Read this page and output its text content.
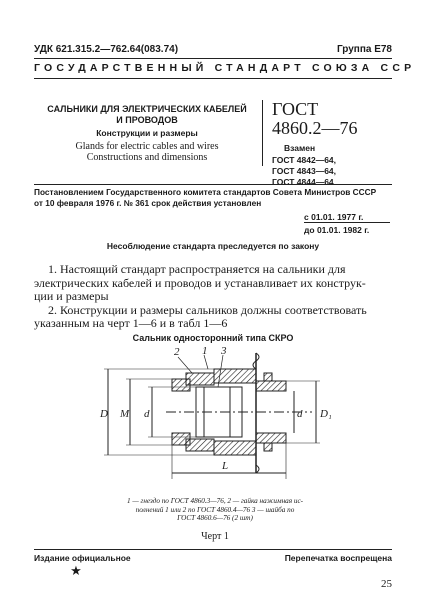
УДК 621.315.2—762.64(083.74)	Группа Е78
ГОСУДАРСТВЕННЫЙ СТАНДАРТ СОЮЗА ССР
САЛЬНИКИ ДЛЯ ЭЛЕКТРИЧЕСКИХ КАБЕЛЕЙ
И ПРОВОДОВ
Конструкции и размеры
Glands for electric cables and wires
Constructions and dimensions
ГОСТ
4860.2—76
Взамен
ГОСТ 4842—64,
ГОСТ 4843—64,
ГОСТ 4844—64
Постановлением Государственного комитета стандартов Совета Министров СССР
от 10 февраля 1976 г. № 361 срок действия установлен
с 01.01. 1977 г.
до 01.01. 1982 г.
Несоблюдение стандарта преследуется по закону
1. Настоящий стандарт распространяется на сальники для
электрических кабелей и проводов и устанавливает их конструк-
ции и размеры
2. Конструкции и размеры сальников должны соответствовать
указанным на черт 1—6 и в табл 1—6
Сальник односторонний типа СКРО
D M d	d D₁
L
2 1 3
1 — гнездо по ГОСТ 4860.3—76, 2 — гайка нажимная ис-
полнений 1 или 2 по ГОСТ 4860.4—76 3 — шайба по
ГОСТ 4860.6—76 (2 шт)
Черт 1
Издание официальное	Перепечатка воспрещена
★
25
